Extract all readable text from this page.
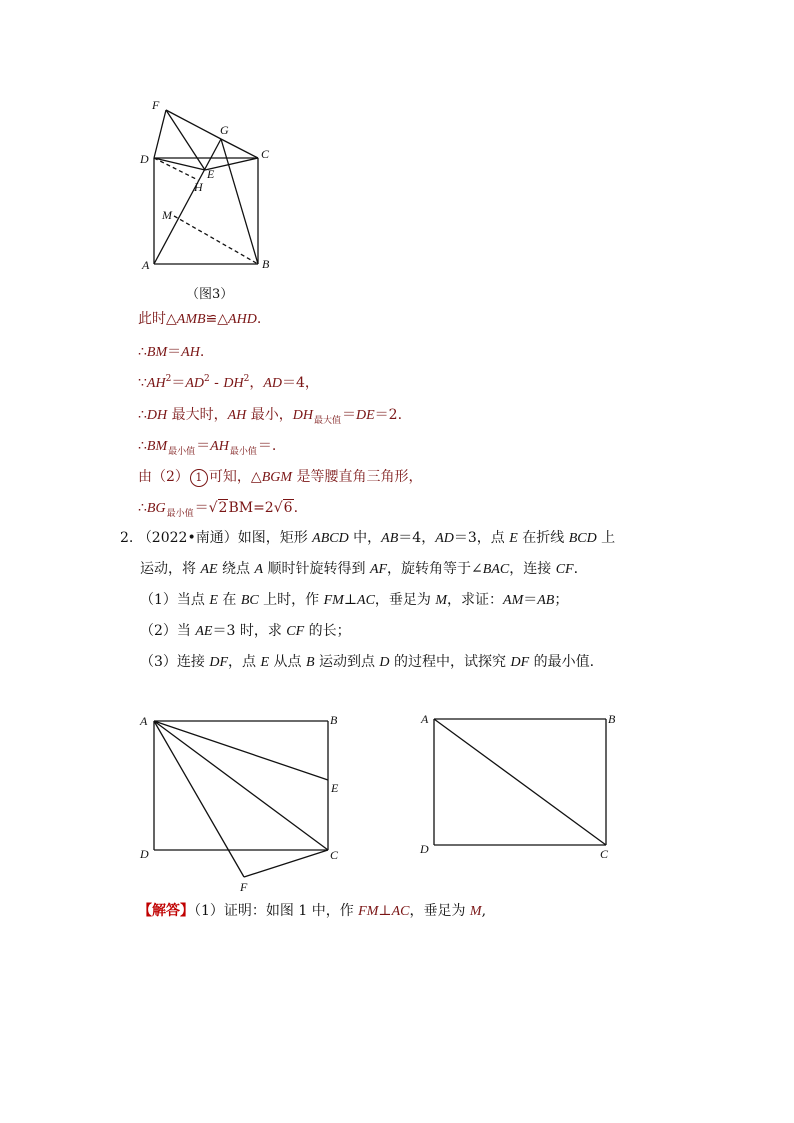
F
G
C
D
E
H
M
A	B
（图3）
此时△AMB≌△AHD.
∴BM＝AH.
$\because AH^2=AD^2 - DH^2$，AD＝4，
∴DH 最大时，AH 最小，$DH_{最大值}=DE=2$.
$\therefore BM_{最小值}=AH_{最小值}=$.
由（2） 1 可知，△BGM 是等腰直角三角形，
$\therefore BG_{最小值}=√2BM=2√6$.
2. （2022•南通）如图，矩形 ABCD 中，AB＝4，AD＝3，点 E 在折线 BCD 上
运动，将 AE 绕点 A 顺时针旋转得到 AF，旋转角等于∠BAC，连接 CF.
（1）当点 E 在 BC 上时，作 FM⊥AC，垂足为 M，求证：AM＝AB；
（2）当 AE＝3 时，求 CF 的长；
（3）连接 DF，点 E 从点 B 运动到点 D 的过程中，试探究 DF 的最小值.
A	B
E
D	C
F
A	B
D	C
【解答】（1）证明：如图 1 中，作 FM⊥AC，垂足为 M,
